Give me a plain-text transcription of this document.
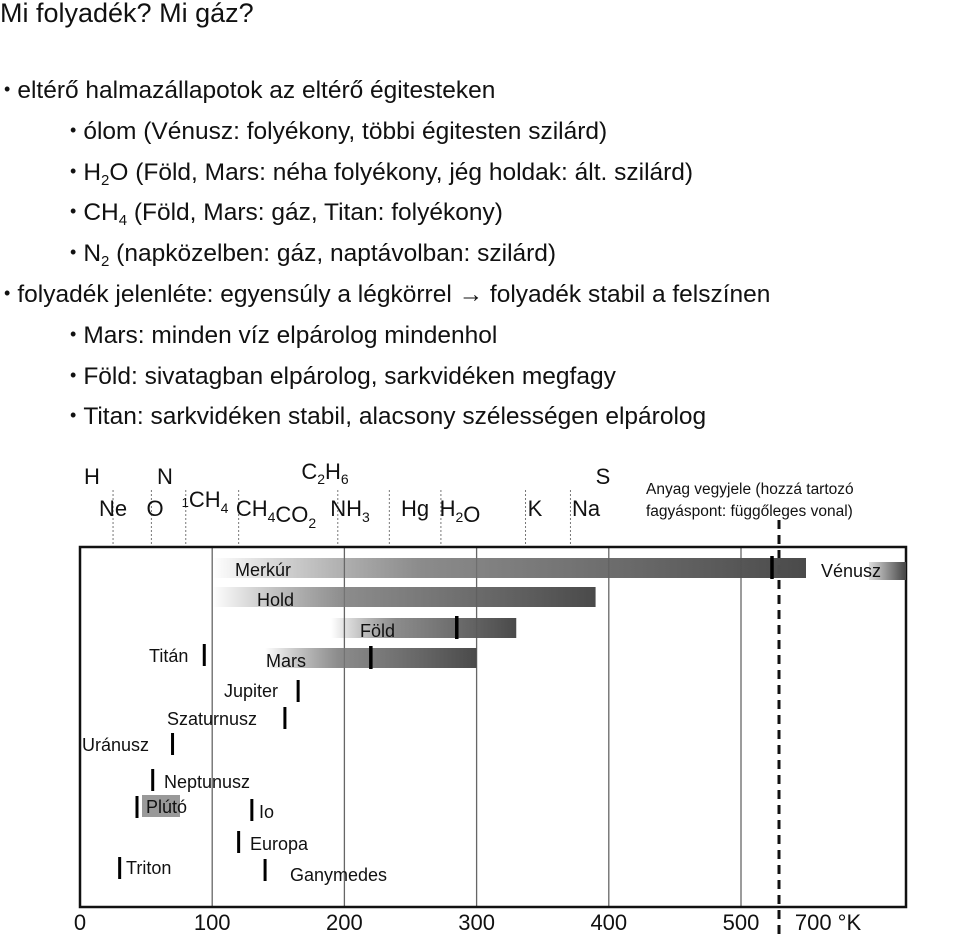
Mi folyadék? Mi gáz?
• eltérő halmazállapotok az eltérő égitesteken
• ólom (Vénusz: folyékony, többi égitesten szilárd)
• $H_2O$ (Föld, Mars: néha folyékony, jég holdak: ált. szilárd)
• $CH_4$ (Föld, Mars: gáz, Titan: folyékony)
• $N_2$ (napközelben: gáz, naptávolban: szilárd)
• folyadék jelenléte: egyensúly a légkörrel → folyadék stabil a felszínen
• Mars: minden víz elpárolog mindenhol
• Föld: sivatagban elpárolog, sarkvidéken megfagy
• Titan: sarkvidéken stabil, alacsony szélességen elpárolog
Merkúr	Vénusz
Hold
Föld
Mars
Titán
Jupiter
Szaturnusz
Uránusz
Neptunusz
Io
Europa
Ganymedes
Triton
Plútó
0	100	200	300	400	500 700 °K
H	N	$C_2H_6$	S
Ne O $^1CH_4$ $CH_4CO_2$
$NH_3$ Hg $H_2O$ K Na
Anyag vegyjele (hozzá tartozó
fagyáspont: függőleges vonal)
